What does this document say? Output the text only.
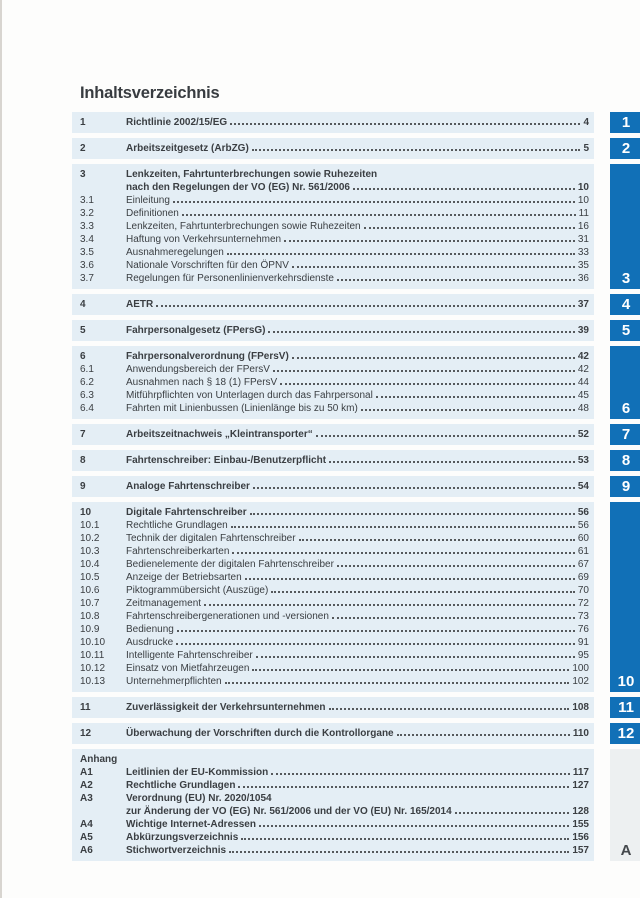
Inhaltsverzeichnis
1	Richtlinie 2002/15/EG	4 1
2	Arbeitszeitgesetz (ArbZG)	5 2
3	Lenkzeiten, Fahrtunterbrechungen sowie Ruhezeiten
nach den Regelungen der VO (EG) Nr. 561/2006	10
3.1	Einleitung	10
3.2	Definitionen	11
3.3	Lenkzeiten, Fahrtunterbrechungen sowie Ruhezeiten	16
3.4	Haftung von Verkehrsunternehmen	31
3.5	Ausnahmeregelungen	33
3.6	Nationale Vorschriften für den ÖPNV	35
3.7	Regelungen für Personenlinienverkehrsdienste	36 3
4	AETR	37 4
5	Fahrpersonalgesetz (FPersG)	39 5
6	Fahrpersonalverordnung (FPersV)	42
6.1	Anwendungsbereich der FPersV	42
6.2	Ausnahmen nach § 18 (1) FPersV	44
6.3	Mitführpflichten von Unterlagen durch das Fahrpersonal	45
6.4	Fahrten mit Linienbussen (Linienlänge bis zu 50 km)	48 6
7	Arbeitszeitnachweis „Kleintransporter“	52 7
8	Fahrtenschreiber: Einbau-/Benutzerpflicht	53 8
9	Analoge Fahrtenschreiber	54 9
10	Digitale Fahrtenschreiber	56
10.1	Rechtliche Grundlagen	56
10.2	Technik der digitalen Fahrtenschreiber	60
10.3	Fahrtenschreiberkarten	61
10.4	Bedienelemente der digitalen Fahrtenschreiber	67
10.5	Anzeige der Betriebsarten	69
10.6	Piktogrammübersicht (Auszüge)	70
10.7	Zeitmanagement	72
10.8	Fahrtenschreibergenerationen und -versionen	73
10.9	Bedienung	76
10.10	Ausdrucke	91
10.11	Intelligente Fahrtenschreiber	95
10.12	Einsatz von Mietfahrzeugen	100
10.13	Unternehmerpflichten	102 10
11	Zuverlässigkeit der Verkehrsunternehmen	108 11
12	Überwachung der Vorschriften durch die Kontrollorgane	110 12
Anhang
A1	Leitlinien der EU-Kommission	117
A2	Rechtliche Grundlagen	127
A3	Verordnung (EU) Nr. 2020/1054
zur Änderung der VO (EG) Nr. 561/2006 und der VO (EU) Nr. 165/2014	128
A4	Wichtige Internet-Adressen	155
A5	Abkürzungsverzeichnis	156
A6	Stichwortverzeichnis	157 A
